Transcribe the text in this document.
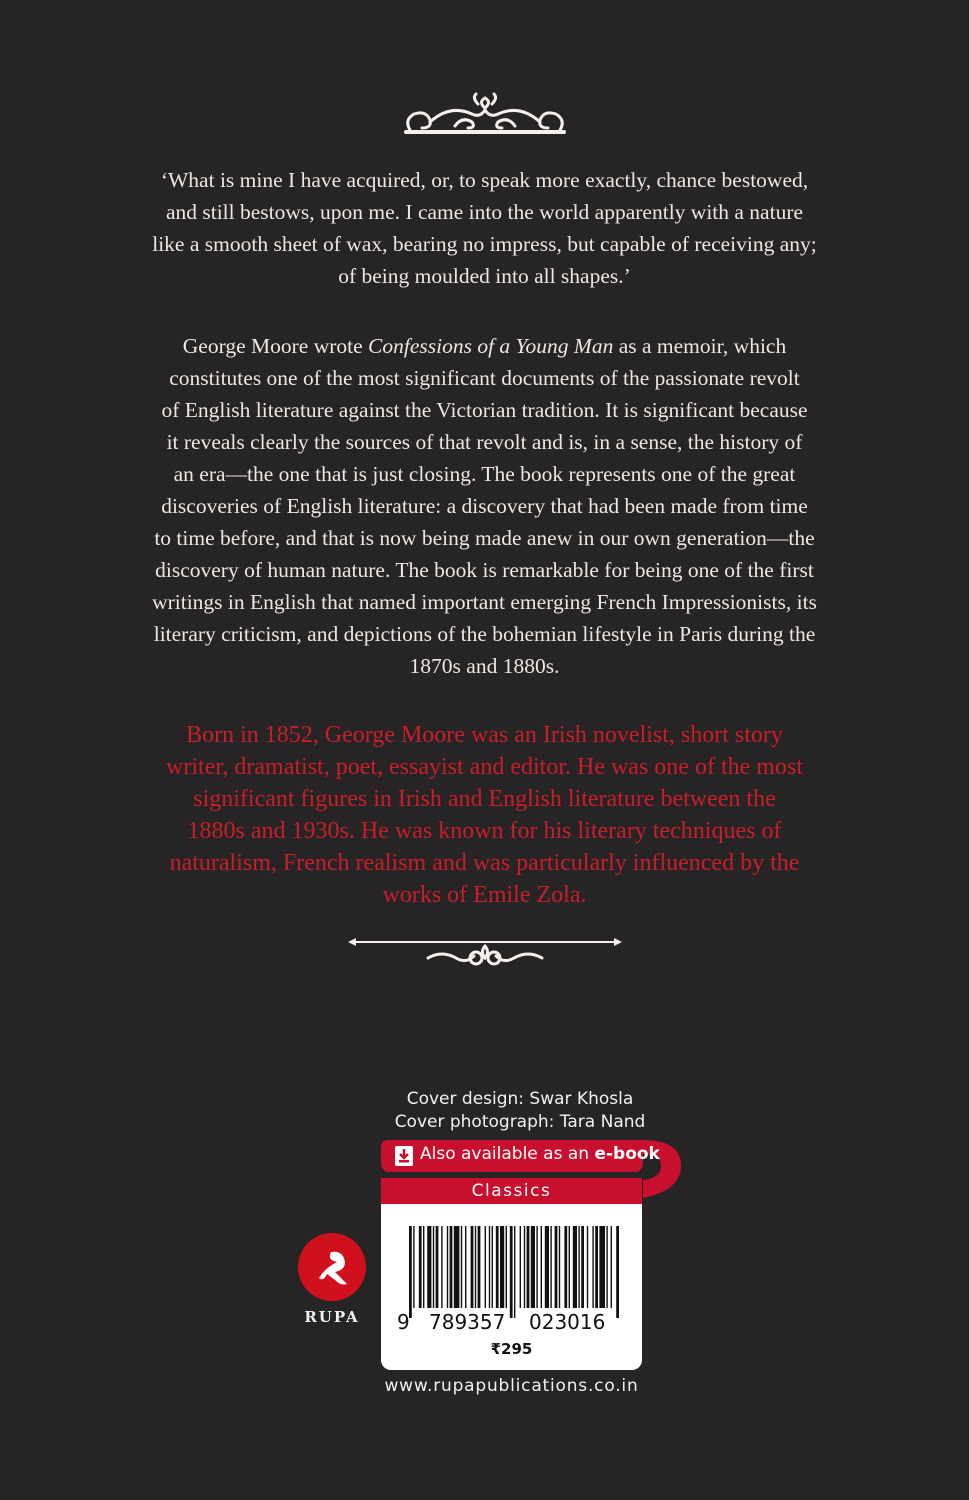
‘What is mine I have acquired, or, to speak more exactly, chance bestowed,
and still bestows, upon me. I came into the world apparently with a nature
like a smooth sheet of wax, bearing no impress, but capable of receiving any;
of being moulded into all shapes.’
George Moore wrote Confessions of a Young Man as a memoir, which
constitutes one of the most significant documents of the passionate revolt
of English literature against the Victorian tradition. It is significant because
it reveals clearly the sources of that revolt and is, in a sense, the history of
an era—the one that is just closing. The book represents one of the great
discoveries of English literature: a discovery that had been made from time
to time before, and that is now being made anew in our own generation—the
discovery of human nature. The book is remarkable for being one of the first
writings in English that named important emerging French Impressionists, its
literary criticism, and depictions of the bohemian lifestyle in Paris during the
1870s and 1880s.
Born in 1852, George Moore was an Irish novelist, short story
writer, dramatist, poet, essayist and editor. He was one of the most
significant figures in Irish and English literature between the
1880s and 1930s. He was known for his literary techniques of
naturalism, French realism and was particularly influenced by the
works of Emile Zola.
Cover design: Swar Khosla
Cover photograph: Tara Nand
Also available as an e-book
Classics
9 789357 023016
₹295
www.rupapublications.co.in
RUPA
